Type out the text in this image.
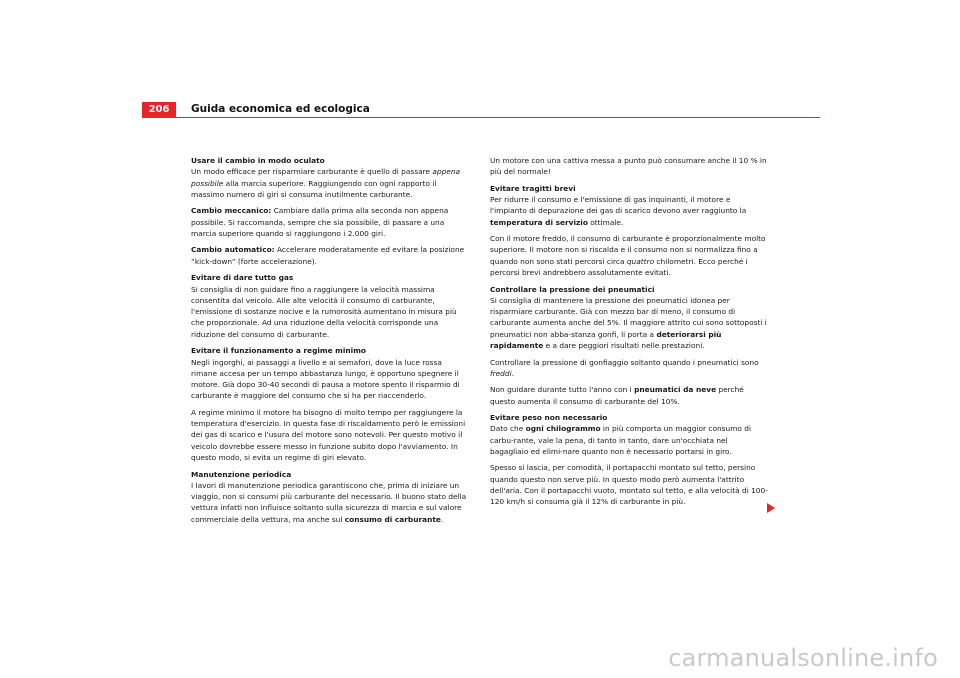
206	Guida economica ed ecologica
Usare il cambio in modo oculato

Un modo efficace per risparmiare carburante è quello di passare appena possibile alla marcia superiore. Raggiungendo con ogni rapporto il massimo numero di giri si consuma inutilmente carburante.

Cambio meccanico: Cambiare dalla prima alla seconda non appena possibile. Si raccomanda, sempre che sia possibile, di passare a una marcia superiore quando si raggiungono i 2.000 giri.

Cambio automatico: Accelerare moderatamente ed evitare la posizione “kick-down” (forte accelerazione).

Evitare di dare tutto gas

Si consiglia di non guidare fino a raggiungere la velocità massima consentita dal veicolo. Alle alte velocità il consumo di carburante, l'emissione di sostanze nocive e la rumorosità aumentano in misura più che proporzionale. Ad una riduzione della velocità corrisponde una riduzione del consumo di carburante.

Evitare il funzionamento a regime minimo

Negli ingorghi, ai passaggi a livello e ai semafori, dove la luce rossa rimane accesa per un tempo abbastanza lungo, è opportuno spegnere il motore. Già dopo 30-40 secondi di pausa a motore spento il risparmio di carburante è maggiore del consumo che si ha per riaccenderlo.

A regime minimo il motore ha bisogno di molto tempo per raggiungere la temperatura d'esercizio. In questa fase di riscaldamento però le emissioni dei gas di scarico e l'usura del motore sono notevoli. Per questo motivo il veicolo dovrebbe essere messo in funzione subito dopo l'avviamento. In questo modo, si evita un regime di giri elevato.

Manutenzione periodica

I lavori di manutenzione periodica garantiscono che, prima di iniziare un viaggio, non si consumi più carburante del necessario. Il buono stato della vettura infatti non influisce soltanto sulla sicurezza di marcia e sul valore commerciale della vettura, ma anche sul consumo di carburante.

Un motore con una cattiva messa a punto può consumare anche il 10 % in più del normale!

Evitare tragitti brevi

Per ridurre il consumo e l'emissione di gas inquinanti, il motore e l'impianto di depurazione dei gas di scarico devono aver raggiunto la temperatura di servizio ottimale.

Con il motore freddo, il consumo di carburante è proporzionalmente molto superiore. Il motore non si riscalda e il consumo non si normalizza fino a quando non sono stati percorsi circa quattro chilometri. Ecco perché i percorsi brevi andrebbero assolutamente evitati.

Controllare la pressione dei pneumatici

Si consiglia di mantenere la pressione dei pneumatici idonea per risparmiare carburante. Già con mezzo bar di meno, il consumo di carburante aumenta anche del 5%. Il maggiore attrito cui sono sottoposti i pneumatici non abba-stanza gonfi, li porta a deteriorarsi più rapidamente e a dare peggiori risultati nelle prestazioni.

Controllare la pressione di gonfiaggio soltanto quando i pneumatici sono freddi.

Non guidare durante tutto l'anno con i pneumatici da neve perché questo aumenta il consumo di carburante del 10%.

Evitare peso non necessario

Dato che ogni chilogrammo in più comporta un maggior consumo di carbu-rante, vale la pena, di tanto in tanto, dare un'occhiata nel bagagliaio ed elimi-nare quanto non è necessario portarsi in giro.

Spesso si lascia, per comodità, il portapacchi montato sul tetto, persino quando questo non serve più. In questo modo però aumenta l'attrito dell'aria. Con il portapacchi vuoto, montato sul tetto, e alla velocità di 100-120 km/h si consuma già il 12% di carburante in più.

carmanualsonline.info
